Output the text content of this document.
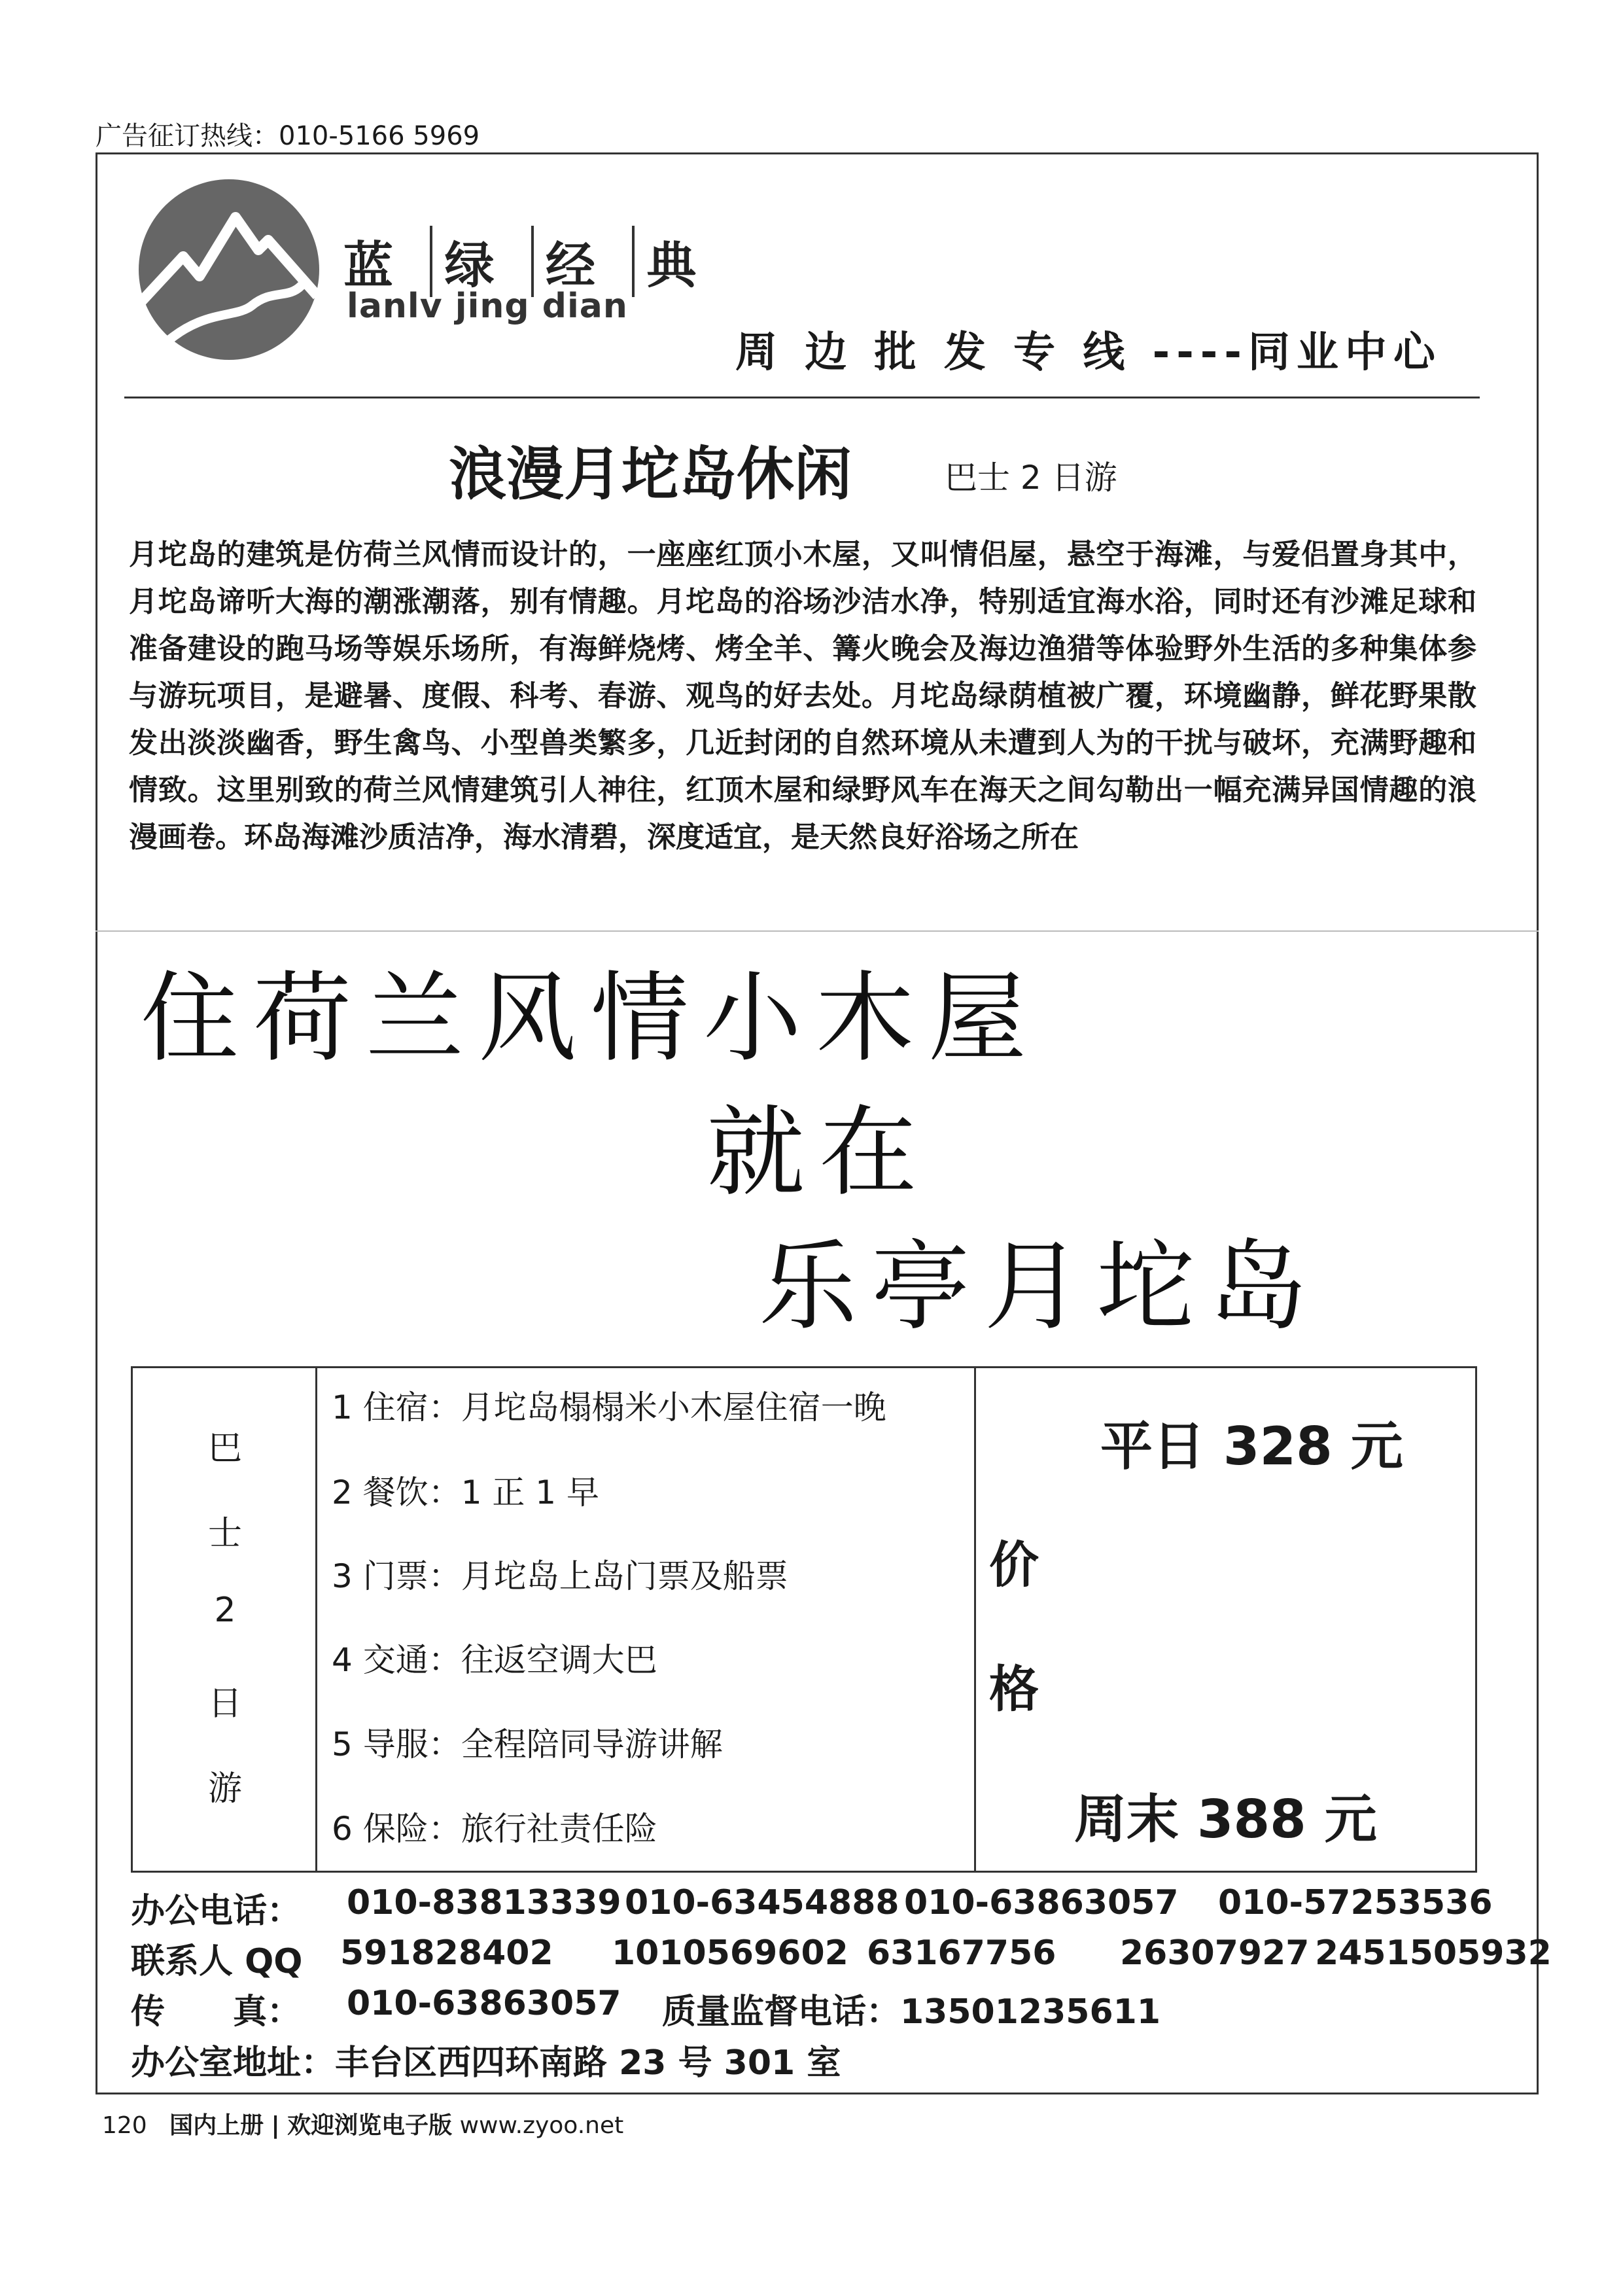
广告征订热线：010-5166 5969
蓝 绿 经 典
lanlv jing dian
周 边 批 发 专 线 ----同业中心
浪漫月坨岛休闲	巴士 2 日游
月坨岛的建筑是仿荷兰风情而设计的，一座座红顶小木屋，又叫情侣屋，悬空于海滩，与爱侣置身其中，月坨岛谛听大海的潮涨潮落，别有情趣。月坨岛的浴场沙洁水净，特别适宜海水浴，同时还有沙滩足球和准备建设的跑马场等娱乐场所，有海鲜烧烤、烤全羊、篝火晚会及海边渔猎等体验野外生活的多种集体参与游玩项目，是避暑、度假、科考、春游、观鸟的好去处。月坨岛绿荫植被广覆，环境幽静，鲜花野果散发出淡淡幽香，野生禽鸟、小型兽类繁多，几近封闭的自然环境从未遭到人为的干扰与破坏，充满野趣和情致。这里别致的荷兰风情建筑引人神往，红顶木屋和绿野风车在海天之间勾勒出一幅充满异国情趣的浪漫画卷。环岛海滩沙质洁净，海水清碧，深度适宜，是天然良好浴场之所在
住荷兰风情小木屋
就在
乐亭月坨岛
巴
士
2
日
游
1 住宿：月坨岛榻榻米小木屋住宿一晚
2 餐饮：1 正 1 早
3 门票：月坨岛上岛门票及船票
4 交通：往返空调大巴
5 导服：全程陪同导游讲解
6 保险：旅行社责任险
平日 328 元
价
格
周末 388 元
办公电话： 010-83813339 010-63454888 010-63863057 010-57253536
联系人 QQ 591828402 1010569602 63167756 26307927 2451505932
传　　真： 010-63863057 质量监督电话：13501235611
办公室地址：丰台区西四环南路 23 号 301 室
120 国内上册 | 欢迎浏览电子版 www.zyoo.net
